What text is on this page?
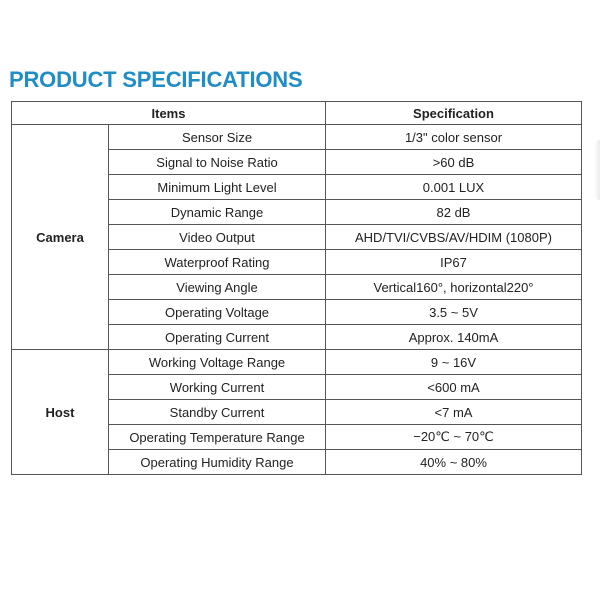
PRODUCT SPECIFICATIONS
Items		Specification
Camera	Sensor Size	1/3" color sensor
	Signal to Noise Ratio	>60 dB
	Minimum Light Level	0.001 LUX
	Dynamic Range	82 dB
	Video Output	AHD/TVI/CVBS/AV/HDIM (1080P)
	Waterproof Rating	IP67
	Viewing Angle	Vertical160°, horizontal220°
	Operating Voltage	3.5 ~ 5V
	Operating Current	Approx. 140mA
Host	Working Voltage Range	9 ~ 16V
	Working Current	<600 mA
	Standby Current	<7 mA
	Operating Temperature Range	−20℃ ~ 70℃
	Operating Humidity Range	40% ~ 80%
